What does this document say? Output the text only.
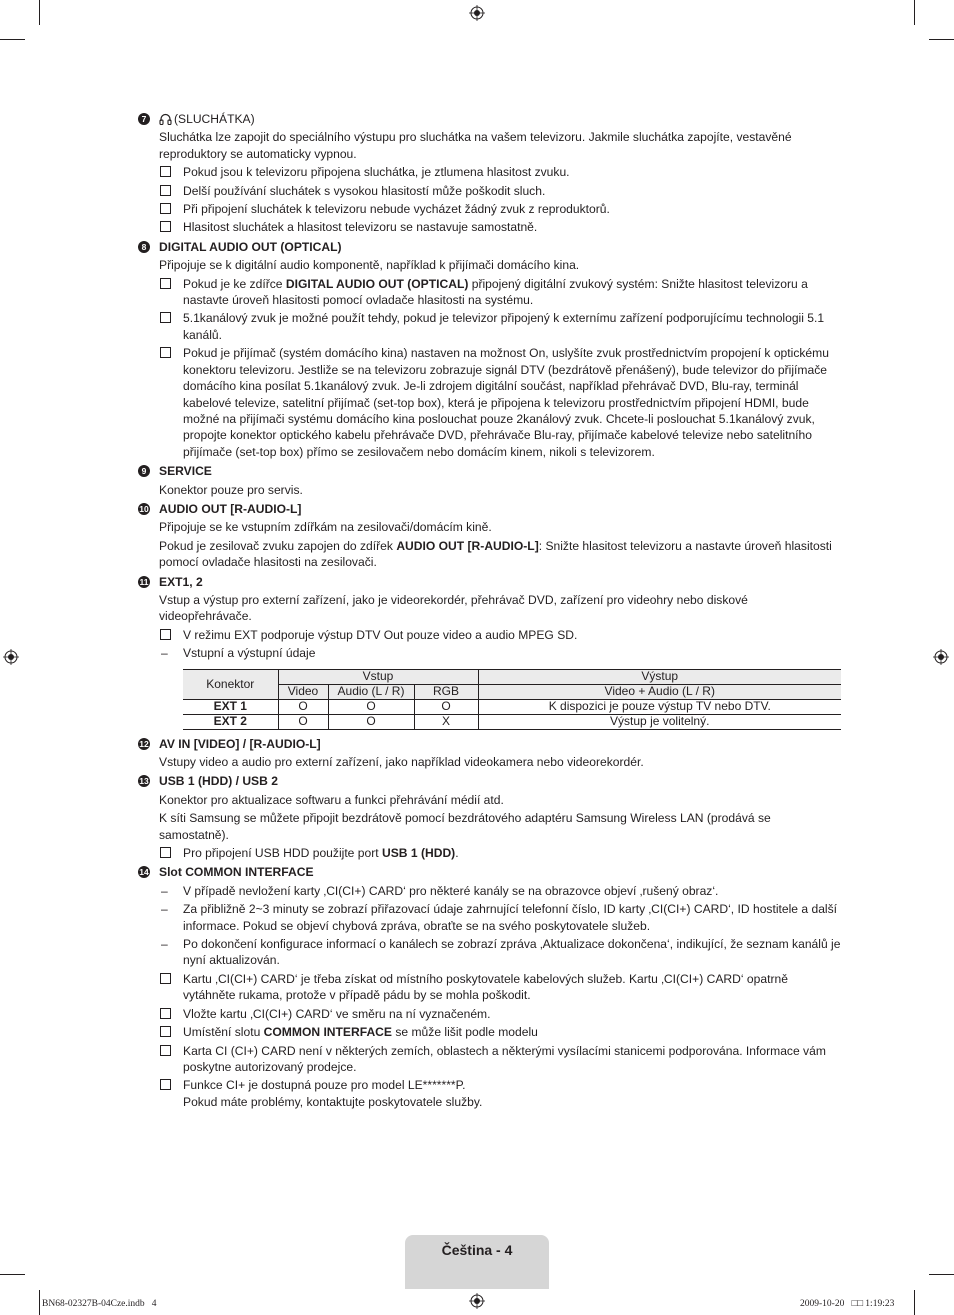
7	(SLUCHÁTKA)
Sluchátka lze zapojit do speciálního výstupu pro sluchátka na vašem televizoru. Jakmile sluchátka zapojíte, vestavěné reproduktory se automaticky vypnou.
Pokud jsou k televizoru připojena sluchátka, je ztlumena hlasitost zvuku.
Delší používání sluchátek s vysokou hlasitostí může poškodit sluch.
Při připojení sluchátek k televizoru nebude vycházet žádný zvuk z reproduktorů.
Hlasitost sluchátek a hlasitost televizoru se nastavuje samostatně.
8	DIGITAL AUDIO OUT (OPTICAL)
Připojuje se k digitální audio komponentě, například k přijímači domácího kina.
Pokud je ke zdířce DIGITAL AUDIO OUT (OPTICAL) připojený digitální zvukový systém: Snižte hlasitost televizoru a nastavte úroveň hlasitosti pomocí ovladače hlasitosti na systému.
5.1kanálový zvuk je možné použít tehdy, pokud je televizor připojený k externímu zařízení podporujícímu technologii 5.1 kanálů.
Pokud je přijímač (systém domácího kina) nastaven na možnost On, uslyšíte zvuk prostřednictvím propojení k optickému konektoru televizoru. Jestliže se na televizoru zobrazuje signál DTV (bezdrátově přenášený), bude televizor do přijímače domácího kina posílat 5.1kanálový zvuk. Je-li zdrojem digitální součást, například přehrávač DVD, Blu-ray, terminál kabelové televize, satelitní přijímač (set-top box), která je připojena k televizoru prostřednictvím připojení HDMI, bude možné na přijímači systému domácího kina poslouchat pouze 2kanálový zvuk. Chcete-li poslouchat 5.1kanálový zvuk, propojte konektor optického kabelu přehrávače DVD, přehrávače Blu-ray, přijímače kabelové televize nebo satelitního přijímače (set-top box) přímo se zesilovačem nebo domácím kinem, nikoli s televizorem.
9	SERVICE
Konektor pouze pro servis.
10 AUDIO OUT [R-AUDIO-L]
Připojuje se ke vstupním zdířkám na zesilovači/domácím kině.
Pokud je zesilovač zvuku zapojen do zdířek AUDIO OUT [R-AUDIO-L]: Snižte hlasitost televizoru a nastavte úroveň hlasitosti pomocí ovladače hlasitosti na zesilovači.
11 EXT1, 2
Vstup a výstup pro externí zařízení, jako je videorekordér, přehrávač DVD, zařízení pro videohry nebo diskové videopřehrávače.
V režimu EXT podporuje výstup DTV Out pouze video a audio MPEG SD.
– Vstupní a výstupní údaje
Konektor	Vstup			Výstup
	Video	Audio (L / R)	RGB	Video + Audio (L / R)
EXT 1	O	O	O	K dispozici je pouze výstup TV nebo DTV.
EXT 2	O	O	X	Výstup je volitelný.
12 AV IN [VIDEO] / [R-AUDIO-L]
Vstupy video a audio pro externí zařízení, jako například videokamera nebo videorekordér.
13 USB 1 (HDD) / USB 2
Konektor pro aktualizace softwaru a funkci přehrávání médií atd.
K síti Samsung se můžete připojit bezdrátově pomocí bezdrátového adaptéru Samsung Wireless LAN (prodává se samostatně).
Pro připojení USB HDD použijte port USB 1 (HDD).
14 Slot COMMON INTERFACE
– V případě nevložení karty ‚CI(CI+) CARD‘ pro některé kanály se na obrazovce objeví ‚rušený obraz‘.
– Za přibližně 2~3 minuty se zobrazí přiřazovací údaje zahrnující telefonní číslo, ID karty ‚CI(CI+) CARD‘, ID hostitele a další informace. Pokud se objeví chybová zpráva, obraťte se na svého poskytovatele služeb.
– Po dokončení konfigurace informací o kanálech se zobrazí zpráva ‚Aktualizace dokončena‘, indikující, že seznam kanálů je nyní aktualizován.
Kartu ‚CI(CI+) CARD‘ je třeba získat od místního poskytovatele kabelových služeb. Kartu ‚CI(CI+) CARD‘ opatrně vytáhněte rukama, protože v případě pádu by se mohla poškodit.
Vložte kartu ‚CI(CI+) CARD‘ ve směru na ní vyznačeném.
Umístění slotu COMMON INTERFACE se může lišit podle modelu
Karta CI (CI+) CARD není v některých zemích, oblastech a některými vysílacími stanicemi podporována. Informace vám poskytne autorizovaný prodejce.
Funkce CI+ je dostupná pouze pro model LE*******P.
Pokud máte problémy, kontaktujte poskytovatele služby.
Čeština - 4
BN68-02327B-04Cze.indb   4	2009-10-20   □□ 1:19:23
